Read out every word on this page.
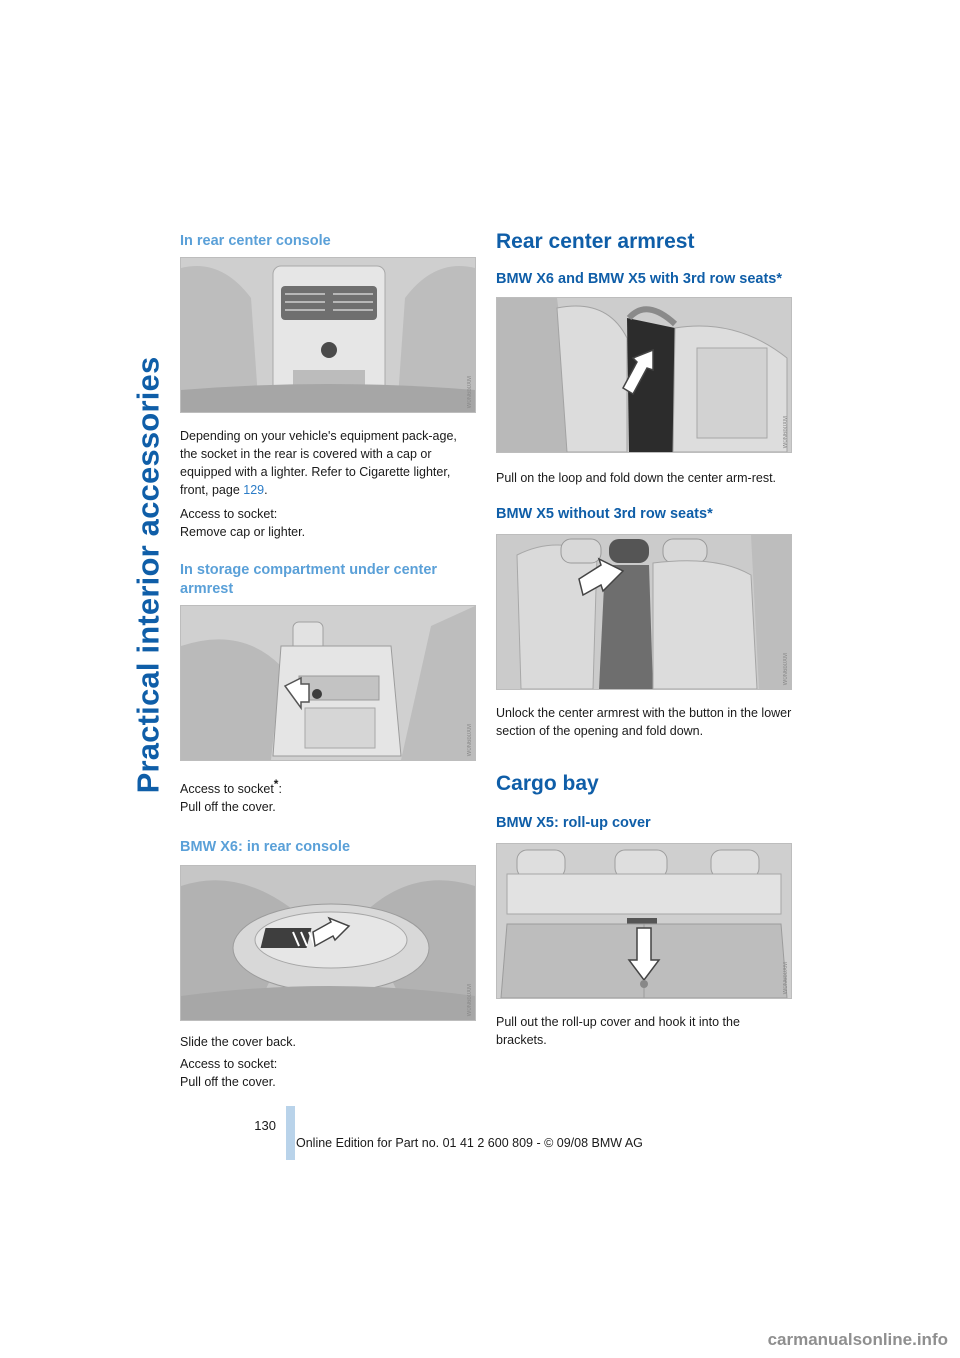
Practical interior accessories
In rear center console
W0N6b0XM

Depending on your vehicle's equipment pack-age, the socket in the rear is covered with a cap or equipped with a lighter. Refer to Cigarette lighter, front, page 129.

Access to socket:
Remove cap or lighter.

In storage compartment under center armrest
W0N6b0XM

Access to socket*:
Pull off the cover.

BMW X6: in rear console
W0N6b0XM

Slide the cover back.

Access to socket:
Pull off the cover.

Rear center armrest
BMW X6 and BMW X5 with 3rd row seats*
W0N6b0XM

Pull on the loop and fold down the center arm-rest.

BMW X5 without 3rd row seats*
W0N6b0XM

Unlock the center armrest with the button in the lower section of the opening and fold down.

Cargo bay
BMW X5: roll-up cover
W0N6b0XM

Pull out the roll-up cover and hook it into the brackets.

130
Online Edition for Part no. 01 41 2 600 809 - © 09/08 BMW AG
carmanualsonline.info
